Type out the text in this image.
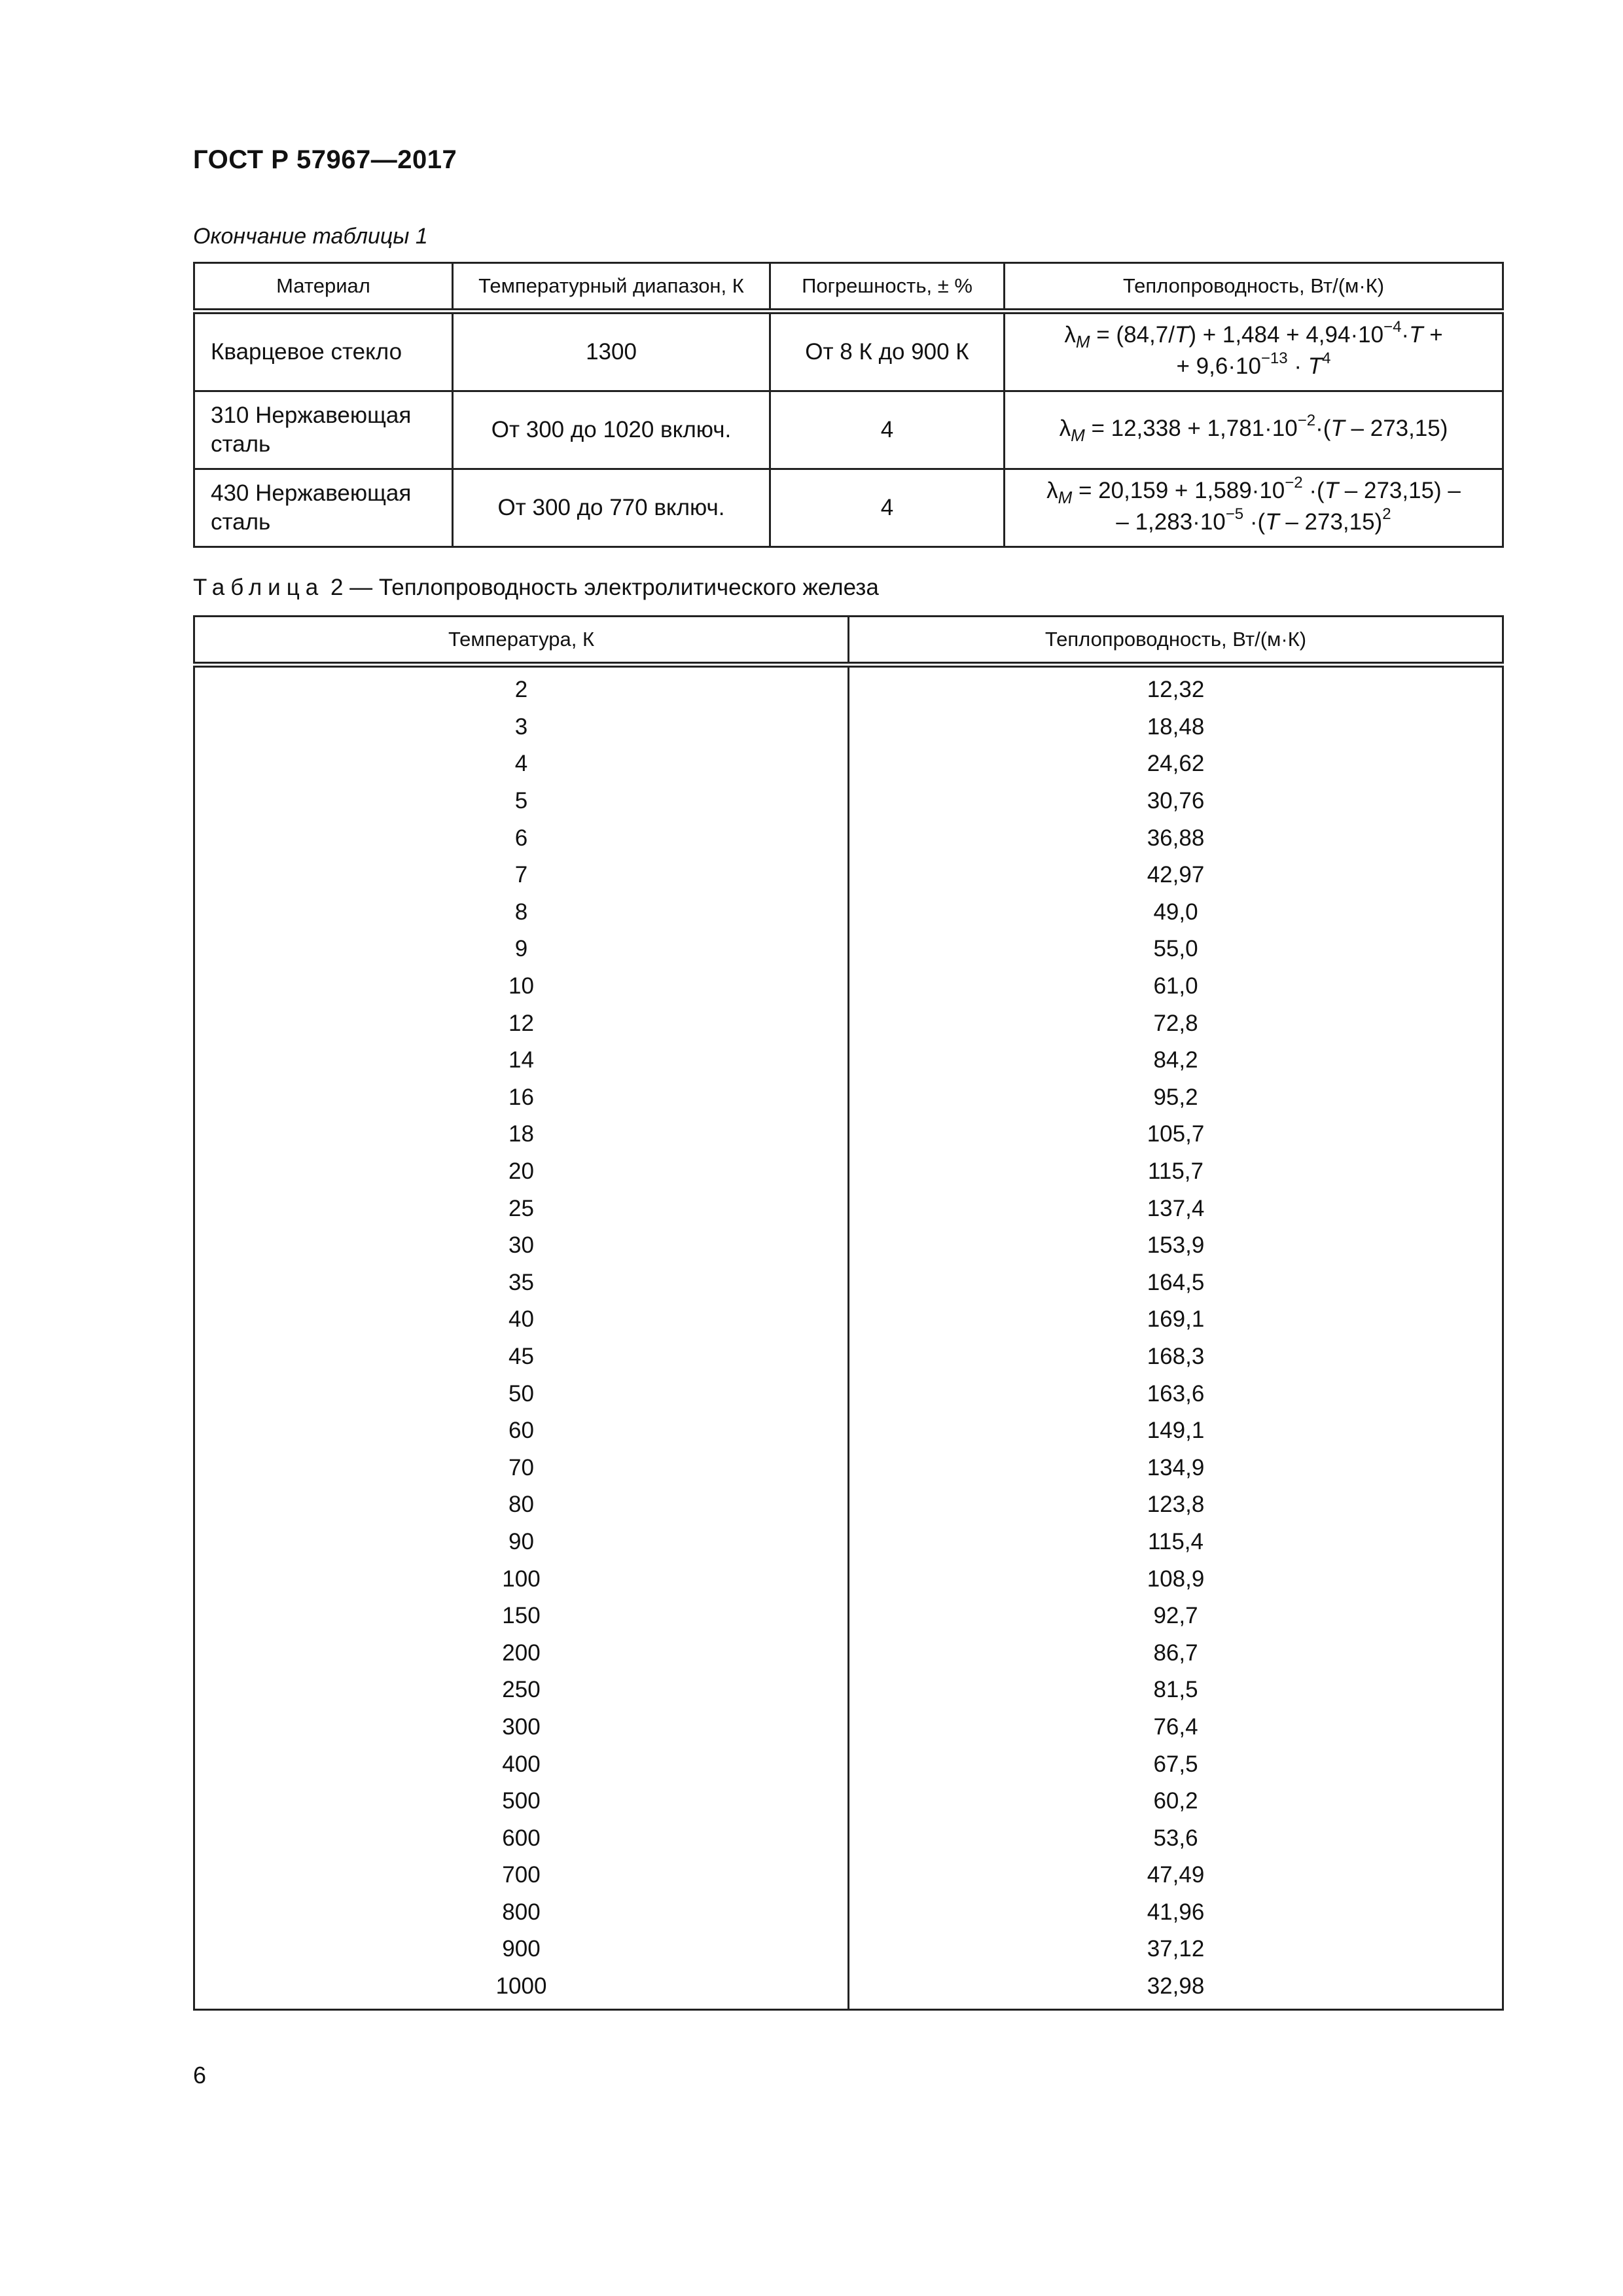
ГОСТ Р 57967—2017
Окончание таблицы 1
Материал	Температурный диапазон, К	Погрешность, ± %	Теплопроводность, Вт/(м·К)
Кварцевое стекло	1300	От 8 К до 900 К	$\lambda_M = (84,7/T) + 1,484 + 4,94\cdot 10^{-4}\cdot T$ +
+ $9,6\cdot 10^{-13} \cdot T^4$
310 Нержавеющая сталь	От 300 до 1020 включ.	4	$\lambda_M = 12,338 + 1,781\cdot 10^{-2}\cdot(T - 273,15)$
430 Нержавеющая сталь	От 300 до 770 включ.	4	$\lambda_M = 20,159 + 1,589\cdot 10^{-2} \cdot(T - 273,15)$ –
– $1,283\cdot 10^{-5} \cdot(T - 273,15)^2$
Таблица 2 — Теплопроводность электролитического железа
Температура, К	Теплопроводность, Вт/(м·К)
2	12,32
3	18,48
4	24,62
5	30,76
6	36,88
7	42,97
8	49,0
9	55,0
10	61,0
12	72,8
14	84,2
16	95,2
18	105,7
20	115,7
25	137,4
30	153,9
35	164,5
40	169,1
45	168,3
50	163,6
60	149,1
70	134,9
80	123,8
90	115,4
100	108,9
150	92,7
200	86,7
250	81,5
300	76,4
400	67,5
500	60,2
600	53,6
700	47,49
800	41,96
900	37,12
1000	32,98
6
